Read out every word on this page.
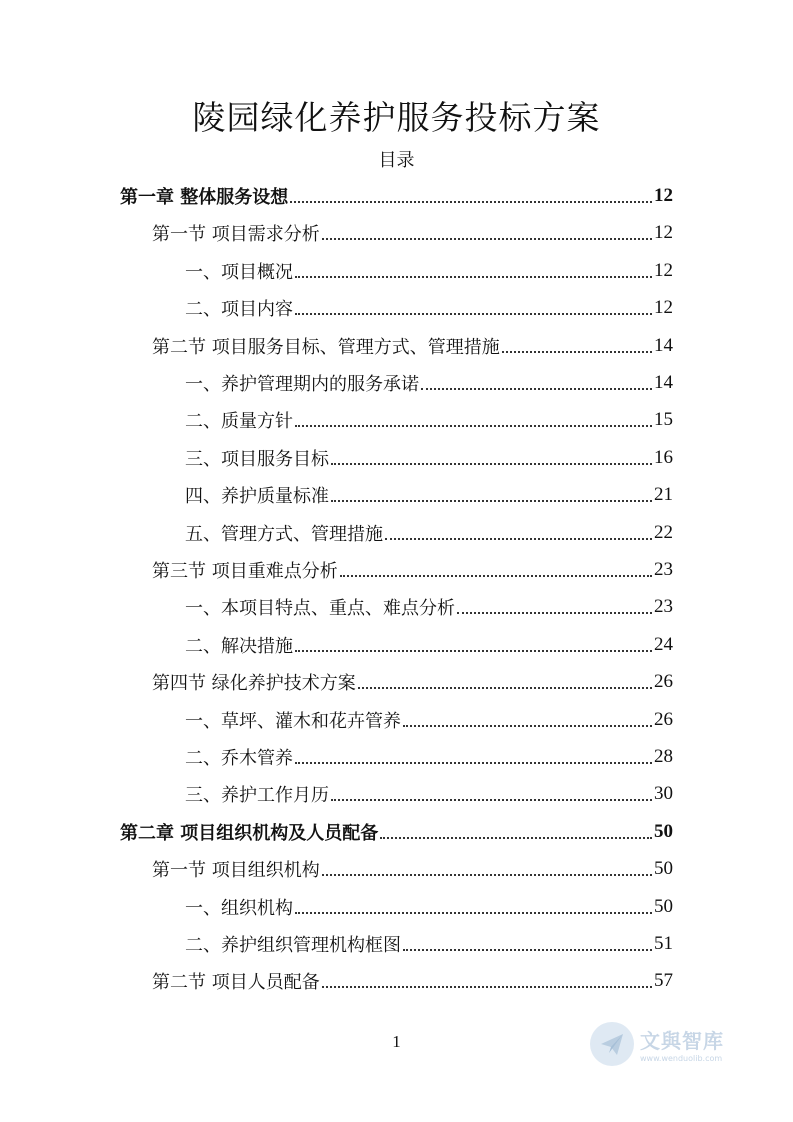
陵园绿化养护服务投标方案
目录
第一章 整体服务设想	12
第一节 项目需求分析	12
一、项目概况	12
二、项目内容	12
第二节 项目服务目标、管理方式、管理措施	14
一、养护管理期内的服务承诺	14
二、质量方针	15
三、项目服务目标	16
四、养护质量标准	21
五、管理方式、管理措施	22
第三节 项目重难点分析	23
一、本项目特点、重点、难点分析	23
二、解决措施	24
第四节 绿化养护技术方案	26
一、草坪、灌木和花卉管养	26
二、乔木管养	28
三、养护工作月历	30
第二章 项目组织机构及人员配备	50
第一节 项目组织机构	50
一、组织机构	50
二、养护组织管理机构框图	51
第二节 项目人员配备	57
1	文與智库
www.wenduolib.com
